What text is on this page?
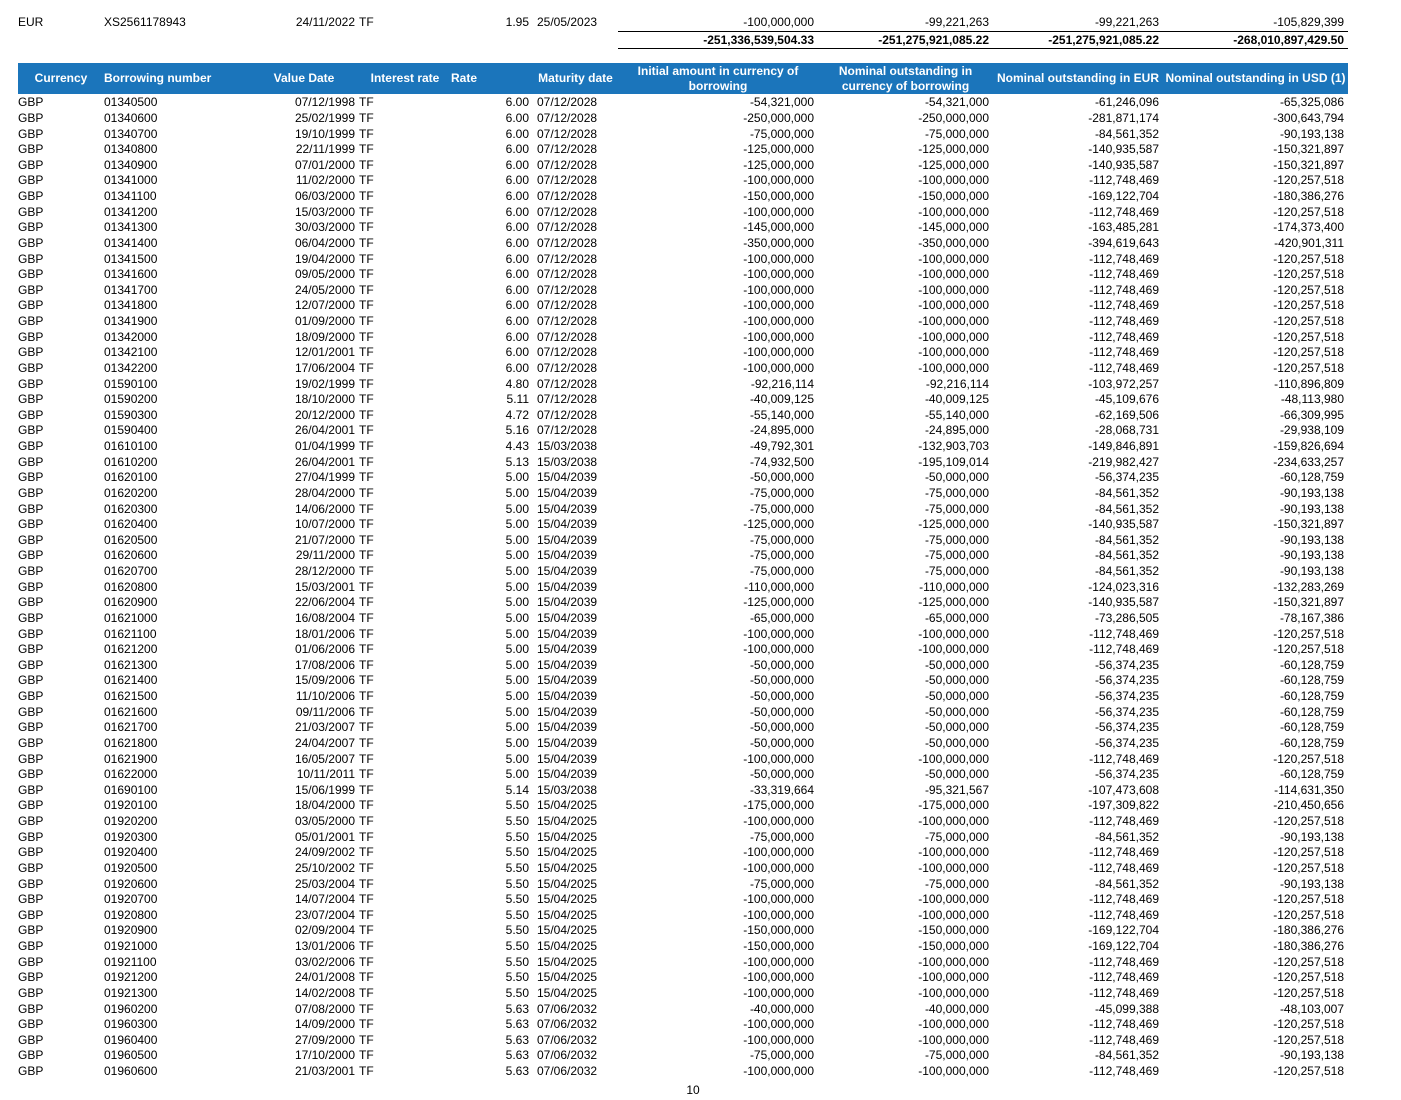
EUR	XS2561178943	24/11/2022	TF	1.95	25/05/2023	-100,000,000	-99,221,263	-99,221,263	-105,829,399
						-251,336,539,504.33	-251,275,921,085.22	-251,275,921,085.22	-268,010,897,429.50
Currency	Borrowing number	Value Date	Interest rate	Rate	Maturity date	Initial amount in currency of borrowing	Nominal outstanding in currency of borrowing	Nominal outstanding in EUR	Nominal outstanding in USD (1)
GBP	01340500	07/12/1998	TF	6.00	07/12/2028	-54,321,000	-54,321,000	-61,246,096	-65,325,086
GBP	01340600	25/02/1999	TF	6.00	07/12/2028	-250,000,000	-250,000,000	-281,871,174	-300,643,794
GBP	01340700	19/10/1999	TF	6.00	07/12/2028	-75,000,000	-75,000,000	-84,561,352	-90,193,138
GBP	01340800	22/11/1999	TF	6.00	07/12/2028	-125,000,000	-125,000,000	-140,935,587	-150,321,897
GBP	01340900	07/01/2000	TF	6.00	07/12/2028	-125,000,000	-125,000,000	-140,935,587	-150,321,897
GBP	01341000	11/02/2000	TF	6.00	07/12/2028	-100,000,000	-100,000,000	-112,748,469	-120,257,518
GBP	01341100	06/03/2000	TF	6.00	07/12/2028	-150,000,000	-150,000,000	-169,122,704	-180,386,276
GBP	01341200	15/03/2000	TF	6.00	07/12/2028	-100,000,000	-100,000,000	-112,748,469	-120,257,518
GBP	01341300	30/03/2000	TF	6.00	07/12/2028	-145,000,000	-145,000,000	-163,485,281	-174,373,400
GBP	01341400	06/04/2000	TF	6.00	07/12/2028	-350,000,000	-350,000,000	-394,619,643	-420,901,311
GBP	01341500	19/04/2000	TF	6.00	07/12/2028	-100,000,000	-100,000,000	-112,748,469	-120,257,518
GBP	01341600	09/05/2000	TF	6.00	07/12/2028	-100,000,000	-100,000,000	-112,748,469	-120,257,518
GBP	01341700	24/05/2000	TF	6.00	07/12/2028	-100,000,000	-100,000,000	-112,748,469	-120,257,518
GBP	01341800	12/07/2000	TF	6.00	07/12/2028	-100,000,000	-100,000,000	-112,748,469	-120,257,518
GBP	01341900	01/09/2000	TF	6.00	07/12/2028	-100,000,000	-100,000,000	-112,748,469	-120,257,518
GBP	01342000	18/09/2000	TF	6.00	07/12/2028	-100,000,000	-100,000,000	-112,748,469	-120,257,518
GBP	01342100	12/01/2001	TF	6.00	07/12/2028	-100,000,000	-100,000,000	-112,748,469	-120,257,518
GBP	01342200	17/06/2004	TF	6.00	07/12/2028	-100,000,000	-100,000,000	-112,748,469	-120,257,518
GBP	01590100	19/02/1999	TF	4.80	07/12/2028	-92,216,114	-92,216,114	-103,972,257	-110,896,809
GBP	01590200	18/10/2000	TF	5.11	07/12/2028	-40,009,125	-40,009,125	-45,109,676	-48,113,980
GBP	01590300	20/12/2000	TF	4.72	07/12/2028	-55,140,000	-55,140,000	-62,169,506	-66,309,995
GBP	01590400	26/04/2001	TF	5.16	07/12/2028	-24,895,000	-24,895,000	-28,068,731	-29,938,109
GBP	01610100	01/04/1999	TF	4.43	15/03/2038	-49,792,301	-132,903,703	-149,846,891	-159,826,694
GBP	01610200	26/04/2001	TF	5.13	15/03/2038	-74,932,500	-195,109,014	-219,982,427	-234,633,257
GBP	01620100	27/04/1999	TF	5.00	15/04/2039	-50,000,000	-50,000,000	-56,374,235	-60,128,759
GBP	01620200	28/04/2000	TF	5.00	15/04/2039	-75,000,000	-75,000,000	-84,561,352	-90,193,138
GBP	01620300	14/06/2000	TF	5.00	15/04/2039	-75,000,000	-75,000,000	-84,561,352	-90,193,138
GBP	01620400	10/07/2000	TF	5.00	15/04/2039	-125,000,000	-125,000,000	-140,935,587	-150,321,897
GBP	01620500	21/07/2000	TF	5.00	15/04/2039	-75,000,000	-75,000,000	-84,561,352	-90,193,138
GBP	01620600	29/11/2000	TF	5.00	15/04/2039	-75,000,000	-75,000,000	-84,561,352	-90,193,138
GBP	01620700	28/12/2000	TF	5.00	15/04/2039	-75,000,000	-75,000,000	-84,561,352	-90,193,138
GBP	01620800	15/03/2001	TF	5.00	15/04/2039	-110,000,000	-110,000,000	-124,023,316	-132,283,269
GBP	01620900	22/06/2004	TF	5.00	15/04/2039	-125,000,000	-125,000,000	-140,935,587	-150,321,897
GBP	01621000	16/08/2004	TF	5.00	15/04/2039	-65,000,000	-65,000,000	-73,286,505	-78,167,386
GBP	01621100	18/01/2006	TF	5.00	15/04/2039	-100,000,000	-100,000,000	-112,748,469	-120,257,518
GBP	01621200	01/06/2006	TF	5.00	15/04/2039	-100,000,000	-100,000,000	-112,748,469	-120,257,518
GBP	01621300	17/08/2006	TF	5.00	15/04/2039	-50,000,000	-50,000,000	-56,374,235	-60,128,759
GBP	01621400	15/09/2006	TF	5.00	15/04/2039	-50,000,000	-50,000,000	-56,374,235	-60,128,759
GBP	01621500	11/10/2006	TF	5.00	15/04/2039	-50,000,000	-50,000,000	-56,374,235	-60,128,759
GBP	01621600	09/11/2006	TF	5.00	15/04/2039	-50,000,000	-50,000,000	-56,374,235	-60,128,759
GBP	01621700	21/03/2007	TF	5.00	15/04/2039	-50,000,000	-50,000,000	-56,374,235	-60,128,759
GBP	01621800	24/04/2007	TF	5.00	15/04/2039	-50,000,000	-50,000,000	-56,374,235	-60,128,759
GBP	01621900	16/05/2007	TF	5.00	15/04/2039	-100,000,000	-100,000,000	-112,748,469	-120,257,518
GBP	01622000	10/11/2011	TF	5.00	15/04/2039	-50,000,000	-50,000,000	-56,374,235	-60,128,759
GBP	01690100	15/06/1999	TF	5.14	15/03/2038	-33,319,664	-95,321,567	-107,473,608	-114,631,350
GBP	01920100	18/04/2000	TF	5.50	15/04/2025	-175,000,000	-175,000,000	-197,309,822	-210,450,656
GBP	01920200	03/05/2000	TF	5.50	15/04/2025	-100,000,000	-100,000,000	-112,748,469	-120,257,518
GBP	01920300	05/01/2001	TF	5.50	15/04/2025	-75,000,000	-75,000,000	-84,561,352	-90,193,138
GBP	01920400	24/09/2002	TF	5.50	15/04/2025	-100,000,000	-100,000,000	-112,748,469	-120,257,518
GBP	01920500	25/10/2002	TF	5.50	15/04/2025	-100,000,000	-100,000,000	-112,748,469	-120,257,518
GBP	01920600	25/03/2004	TF	5.50	15/04/2025	-75,000,000	-75,000,000	-84,561,352	-90,193,138
GBP	01920700	14/07/2004	TF	5.50	15/04/2025	-100,000,000	-100,000,000	-112,748,469	-120,257,518
GBP	01920800	23/07/2004	TF	5.50	15/04/2025	-100,000,000	-100,000,000	-112,748,469	-120,257,518
GBP	01920900	02/09/2004	TF	5.50	15/04/2025	-150,000,000	-150,000,000	-169,122,704	-180,386,276
GBP	01921000	13/01/2006	TF	5.50	15/04/2025	-150,000,000	-150,000,000	-169,122,704	-180,386,276
GBP	01921100	03/02/2006	TF	5.50	15/04/2025	-100,000,000	-100,000,000	-112,748,469	-120,257,518
GBP	01921200	24/01/2008	TF	5.50	15/04/2025	-100,000,000	-100,000,000	-112,748,469	-120,257,518
GBP	01921300	14/02/2008	TF	5.50	15/04/2025	-100,000,000	-100,000,000	-112,748,469	-120,257,518
GBP	01960200	07/08/2000	TF	5.63	07/06/2032	-40,000,000	-40,000,000	-45,099,388	-48,103,007
GBP	01960300	14/09/2000	TF	5.63	07/06/2032	-100,000,000	-100,000,000	-112,748,469	-120,257,518
GBP	01960400	27/09/2000	TF	5.63	07/06/2032	-100,000,000	-100,000,000	-112,748,469	-120,257,518
GBP	01960500	17/10/2000	TF	5.63	07/06/2032	-75,000,000	-75,000,000	-84,561,352	-90,193,138
GBP	01960600	21/03/2001	TF	5.63	07/06/2032	-100,000,000	-100,000,000	-112,748,469	-120,257,518
10
